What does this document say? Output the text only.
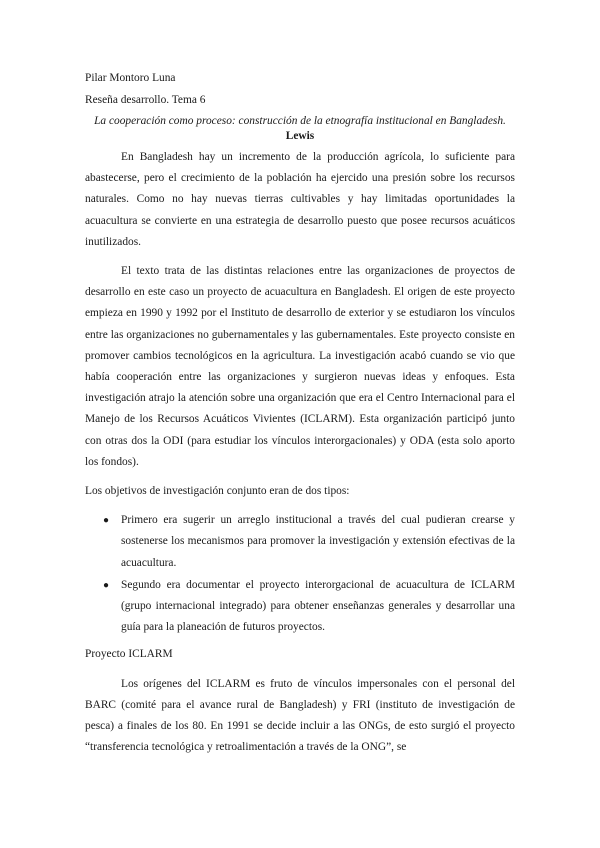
Pilar Montoro Luna
Reseña desarrollo. Tema 6
La cooperación como proceso: construcción de la etnografía institucional en Bangladesh. Lewis

En Bangladesh hay un incremento de la producción agrícola, lo suficiente para abastecerse, pero el crecimiento de la población ha ejercido una presión sobre los recursos naturales. Como no hay nuevas tierras cultivables y hay limitadas oportunidades la acuacultura se convierte en una estrategia de desarrollo puesto que posee recursos acuáticos inutilizados.

El texto trata de las distintas relaciones entre las organizaciones de proyectos de desarrollo en este caso un proyecto de acuacultura en Bangladesh. El origen de este proyecto empieza en 1990 y 1992 por el Instituto de desarrollo de exterior y se estudiaron los vínculos entre las organizaciones no gubernamentales y las gubernamentales. Este proyecto consiste en promover cambios tecnológicos en la agricultura. La investigación acabó cuando se vio que había cooperación entre las organizaciones y surgieron nuevas ideas y enfoques. Esta investigación atrajo la atención sobre una organización que era el Centro Internacional para el Manejo de los Recursos Acuáticos Vivientes (ICLARM). Esta organización participó junto con otras dos la ODI (para estudiar los vínculos interorgacionales) y ODA (esta solo aporto los fondos).

Los objetivos de investigación conjunto eran de dos tipos:

● Primero era sugerir un arreglo institucional a través del cual pudieran crearse y sostenerse los mecanismos para promover la investigación y extensión efectivas de la acuacultura.
● Segundo era documentar el proyecto interorgacional de acuacultura de ICLARM (grupo internacional integrado) para obtener enseñanzas generales y desarrollar una guía para la planeación de futuros proyectos.

Proyecto ICLARM

Los orígenes del ICLARM es fruto de vínculos impersonales con el personal del BARC (comité para el avance rural de Bangladesh) y FRI (instituto de investigación de pesca) a finales de los 80. En 1991 se decide incluir a las ONGs, de esto surgió el proyecto “transferencia tecnológica y retroalimentación a través de la ONG”, se
